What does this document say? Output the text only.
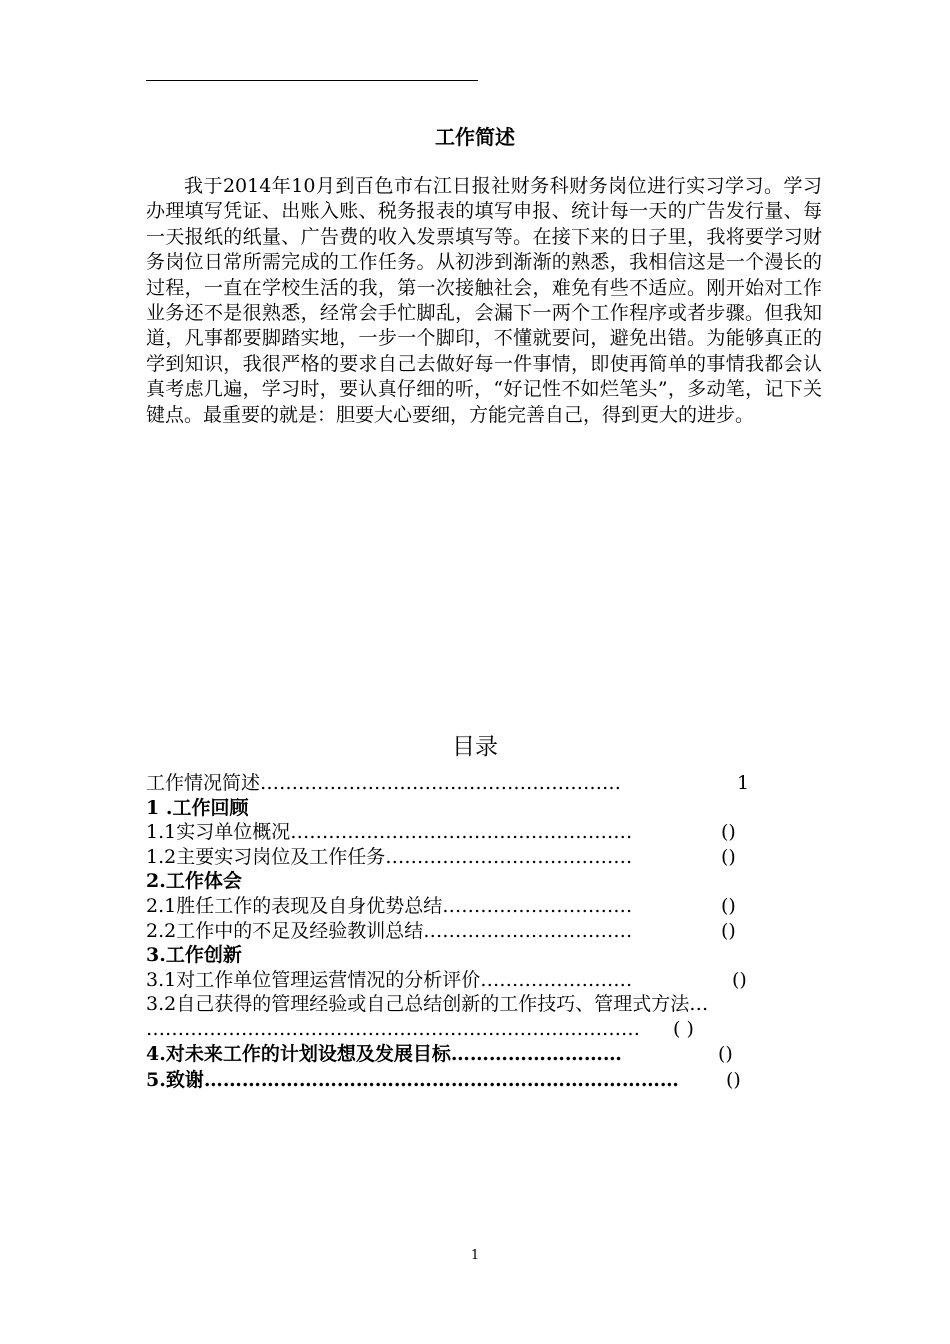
工作简述

我于2014年10月到百色市右江日报社财务科财务岗位进行实习学习。学习办理填写凭证、出账入账、税务报表的填写申报、统计每一天的广告发行量、每一天报纸的纸量、广告费的收入发票填写等。在接下来的日子里，我将要学习财务岗位日常所需完成的工作任务。从初涉到渐渐的熟悉，我相信这是一个漫长的过程，一直在学校生活的我，第一次接触社会，难免有些不适应。刚开始对工作业务还不是很熟悉，经常会手忙脚乱，会漏下一两个工作程序或者步骤。但我知道，凡事都要脚踏实地，一步一个脚印，不懂就要问，避免出错。为能够真正的学到知识，我很严格的要求自己去做好每一件事情，即使再简单的事情我都会认真考虑几遍，学习时，要认真仔细的听，“好记性不如烂笔头”，多动笔，记下关键点。最重要的就是：胆要大心要细，方能完善自己，得到更大的进步。

目录
工作情况简述…………………………………………………	1
1 .工作回顾
1.1实习单位概况………………………………………………	()
1.2主要实习岗位及工作任务…………………………………	()
2.工作体会
2.1胜任工作的表现及自身优势总结…………………………	()
2.2工作中的不足及经验教训总结……………………………	()
3.工作创新
3.1对工作单位管理运营情况的分析评价……………………	()
3.2自己获得的管理经验或自己总结创新的工作技巧、管理式方法…
…………………………………………………………………… ( )
4.对未来工作的计划设想及发展目标………………………	()
5.致谢………………………………………………………………… ()
1
